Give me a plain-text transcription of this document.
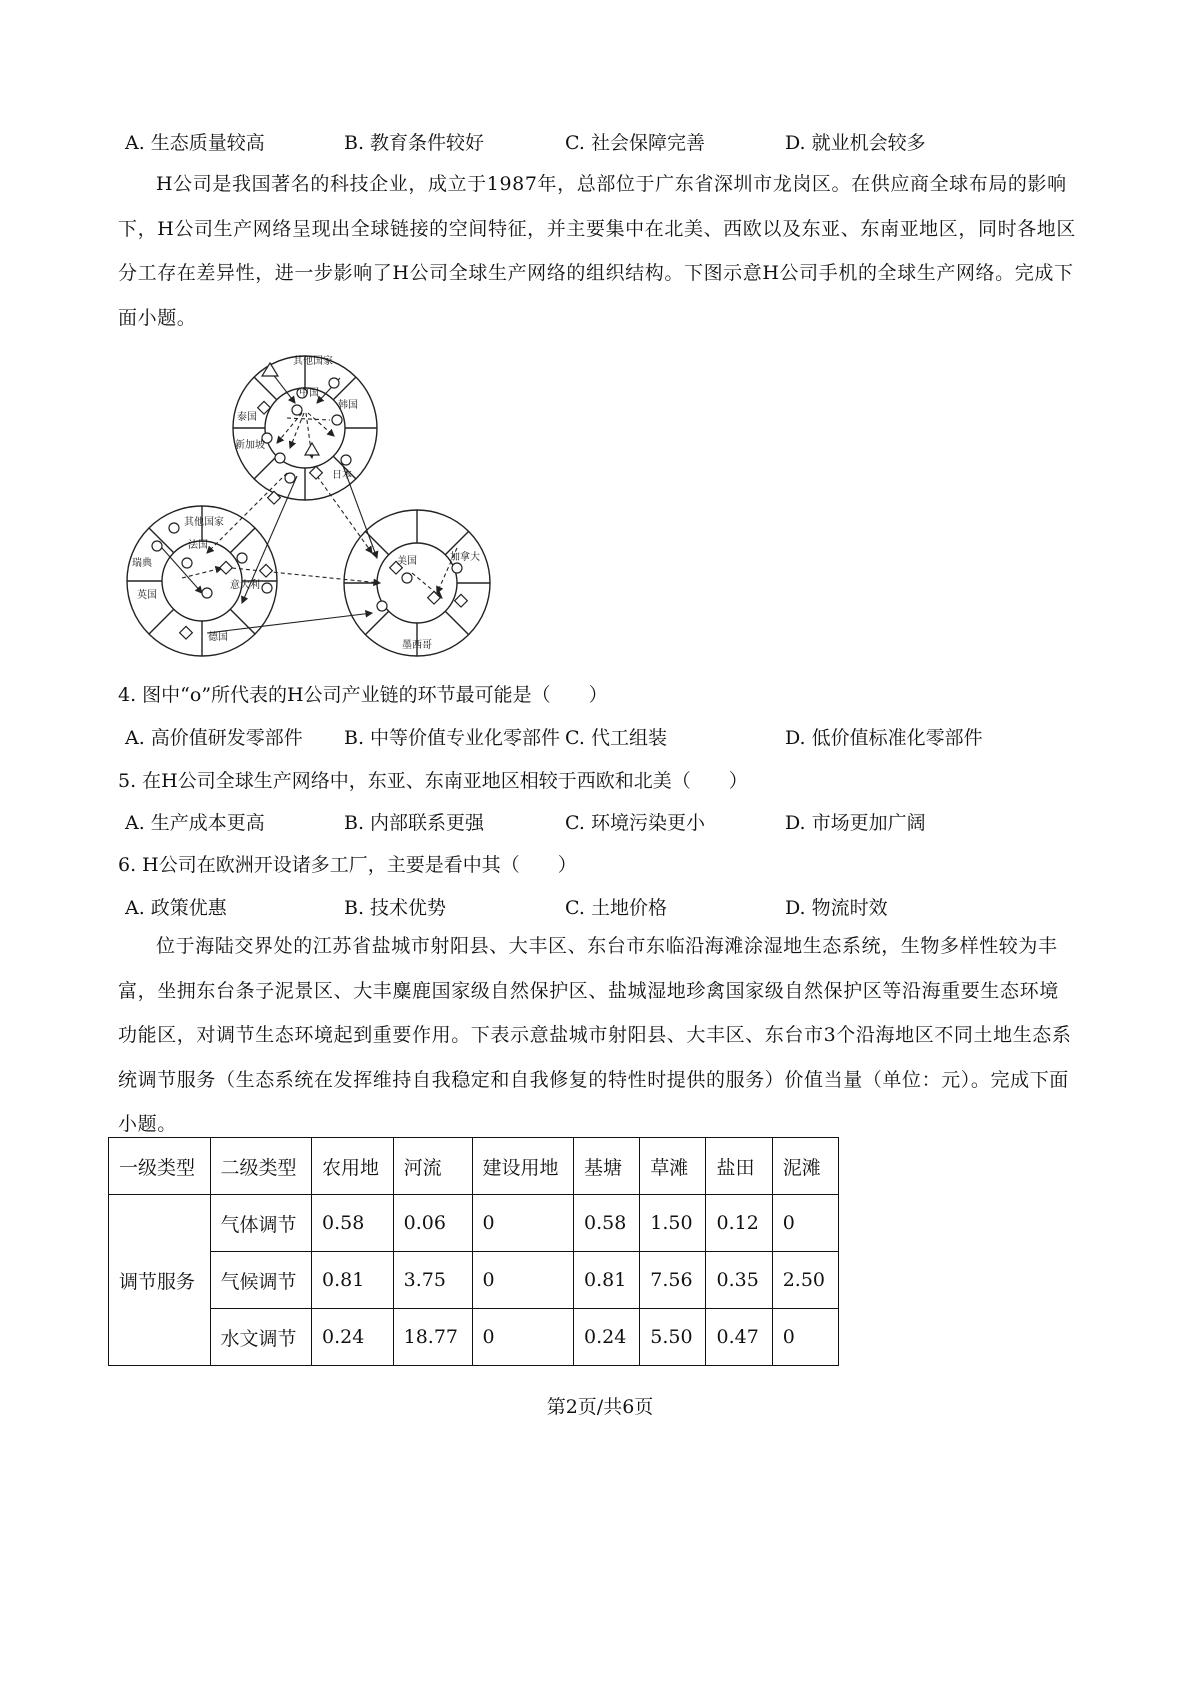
A. 生态质量较高	B. 教育条件较好	C. 社会保障完善	D. 就业机会较多

H公司是我国著名的科技企业，成立于1987年，总部位于广东省深圳市龙岗区。在供应商全球布局的影响下，H公司生产网络呈现出全球链接的空间特征，并主要集中在北美、西欧以及东亚、东南亚地区，同时各地区分工存在差异性，进一步影响了H公司全球生产网络的组织结构。下图示意H公司手机的全球生产网络。完成下面小题。

其他国家
中国
泰国
韩国
新加坡
日本
其他国家
法国
瑞典
意大利
英国
德国
美国	加拿大
墨西哥
4. 图中“o”所代表的H公司产业链的环节最可能是（　　）
A. 高价值研发零部件 B. 中等价值专业化零部件 C. 代工组装	D. 低价值标准化零部件
5. 在H公司全球生产网络中，东亚、东南亚地区相较于西欧和北美（　　）
A. 生产成本更高	B. 内部联系更强	C. 环境污染更小	D. 市场更加广阔
6. H公司在欧洲开设诸多工厂，主要是看中其（　　）
A. 政策优惠	B. 技术优势	C. 土地价格	D. 物流时效

位于海陆交界处的江苏省盐城市射阳县、大丰区、东台市东临沿海滩涂湿地生态系统，生物多样性较为丰富，坐拥东台条子泥景区、大丰麋鹿国家级自然保护区、盐城湿地珍禽国家级自然保护区等沿海重要生态环境功能区，对调节生态环境起到重要作用。下表示意盐城市射阳县、大丰区、东台市3个沿海地区不同土地生态系统调节服务（生态系统在发挥维持自我稳定和自我修复的特性时提供的服务）价值当量（单位：元）。完成下面小题。

一级类型	二级类型	农用地	河流	建设用地	基塘	草滩	盐田	泥滩
调节服务	气体调节	0.58	0.06	0	0.58	1.50	0.12	0
	气候调节	0.81	3.75	0	0.81	7.56	0.35	2.50
	水文调节	0.24	18.77	0	0.24	5.50	0.47	0
第2页/共6页
